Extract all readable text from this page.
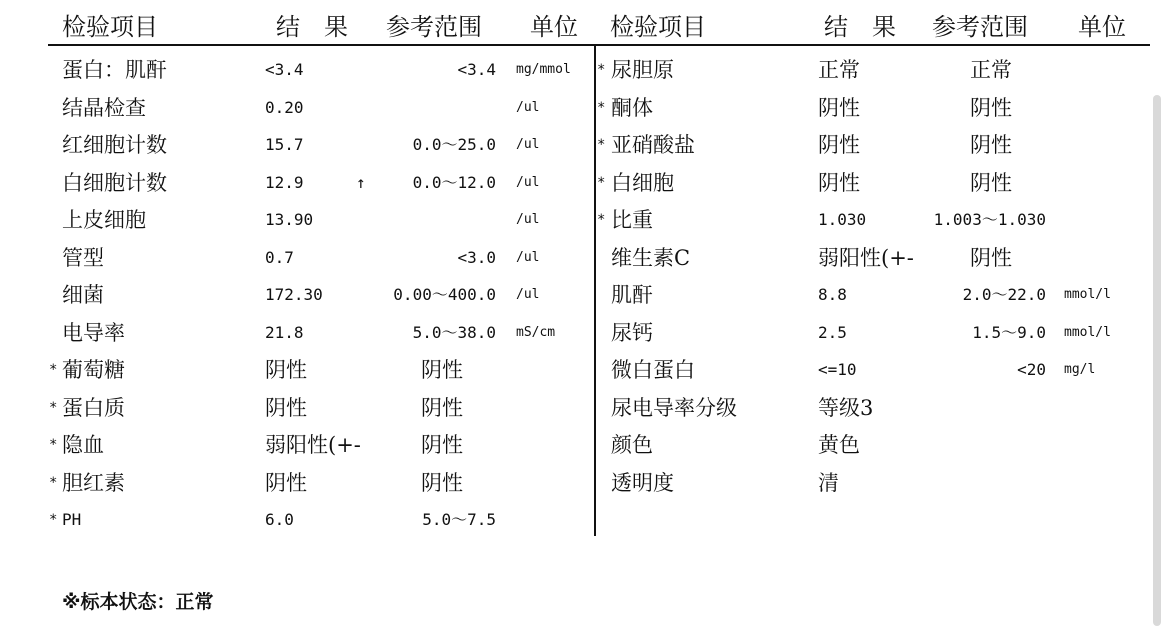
检验项目	结　果 参考范围 单位 检验项目	结　果 参考范围 单位
蛋白：肌酐	<3.4	<3.4 mg/mmol
结晶检查	0.20	/ul
红细胞计数	15.7	0.0～25.0 /ul
白细胞计数	12.9	↑	0.0～12.0 /ul
上皮细胞	13.90	/ul
管型	0.7	<3.0 /ul
细菌	172.30	0.00～400.0 /ul
电导率	21.8	5.0～38.0 mS/cm
* 葡萄糖	阴性	阴性
* 蛋白质	阴性	阴性
* 隐血	弱阳性(+-	阴性
* 胆红素	阴性	阴性
* PH	6.0	5.0～7.5
* 尿胆原	正常	正常
* 酮体	阴性	阴性
* 亚硝酸盐	阴性	阴性
* 白细胞	阴性	阴性
* 比重	1.030	1.003～1.030
维生素C	弱阳性(+-	阴性
肌酐	8.8	2.0～22.0 mmol/l
尿钙	2.5	1.5～9.0 mmol/l
微白蛋白	<=10	<20 mg/l
尿电导率分级	等级3
颜色	黄色
透明度	清
※标本状态：正常
